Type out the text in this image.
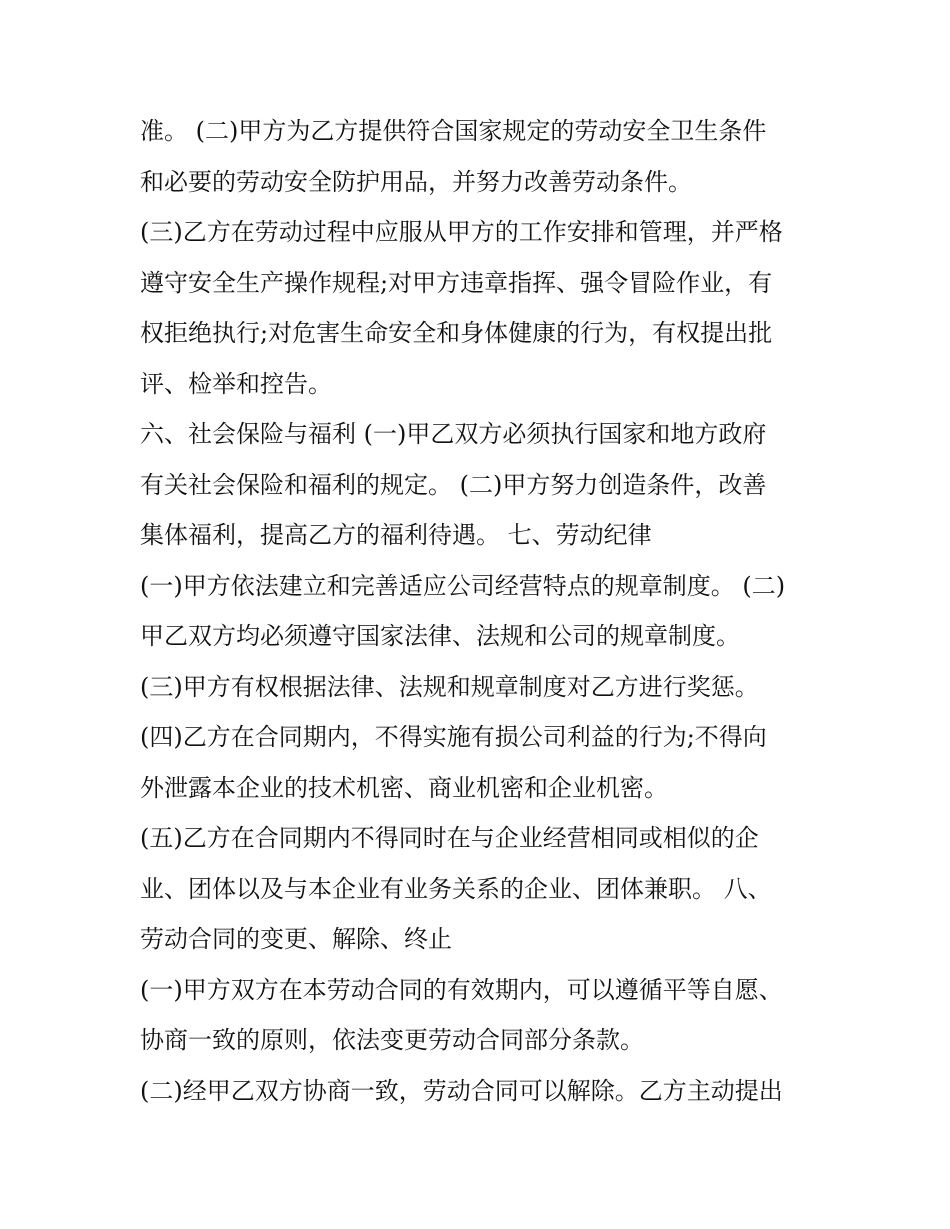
准。 (二)甲方为乙方提供符合国家规定的劳动安全卫生条件
和必要的劳动安全防护用品，并努力改善劳动条件。
(三)乙方在劳动过程中应服从甲方的工作安排和管理，并严格
遵守安全生产操作规程;对甲方违章指挥、强令冒险作业，有
权拒绝执行;对危害生命安全和身体健康的行为，有权提出批
评、检举和控告。
六、社会保险与福利 (一)甲乙双方必须执行国家和地方政府
有关社会保险和福利的规定。 (二)甲方努力创造条件，改善
集体福利，提高乙方的福利待遇。 七、劳动纪律
(一)甲方依法建立和完善适应公司经营特点的规章制度。 (二)
甲乙双方均必须遵守国家法律、法规和公司的规章制度。
(三)甲方有权根据法律、法规和规章制度对乙方进行奖惩。
(四)乙方在合同期内，不得实施有损公司利益的行为;不得向
外泄露本企业的技术机密、商业机密和企业机密。
(五)乙方在合同期内不得同时在与企业经营相同或相似的企
业、团体以及与本企业有业务关系的企业、团体兼职。 八、
劳动合同的变更、解除、终止
(一)甲方双方在本劳动合同的有效期内，可以遵循平等自愿、
协商一致的原则，依法变更劳动合同部分条款。
(二)经甲乙双方协商一致，劳动合同可以解除。乙方主动提出
